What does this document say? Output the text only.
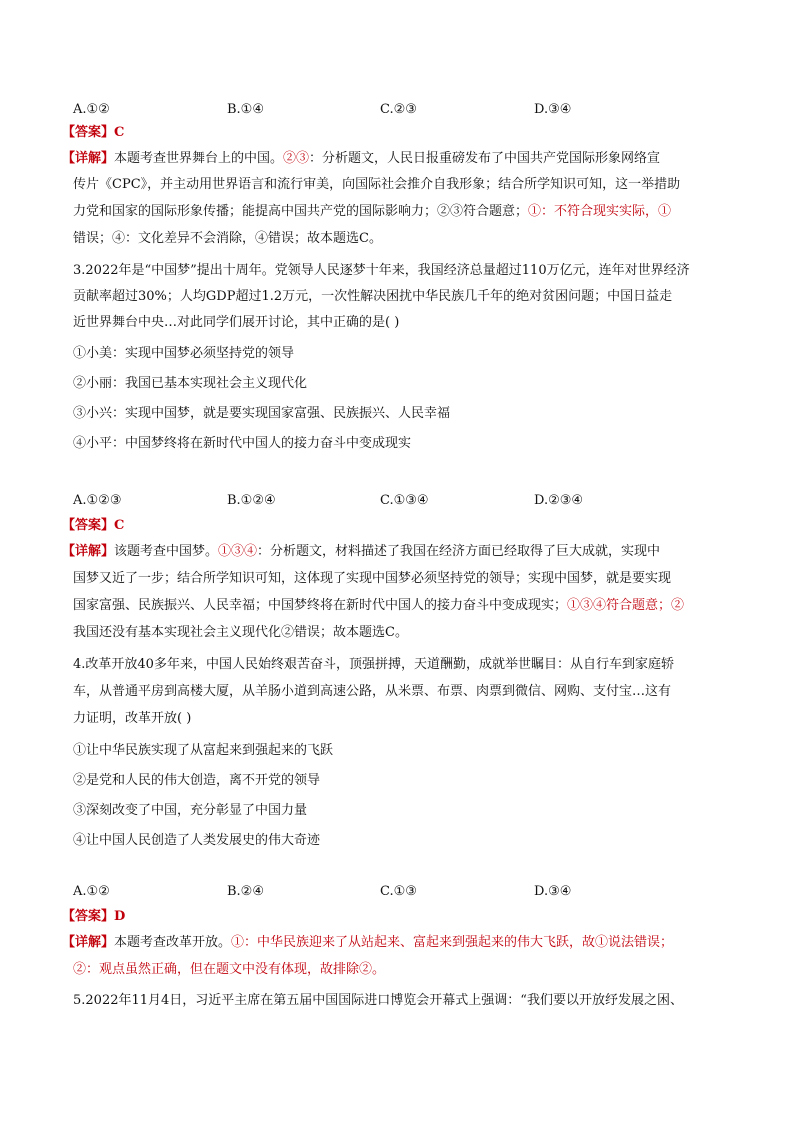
A.①②	B.①④	C.②③	D.③④
【答案】C
【详解】本题考查世界舞台上的中国。②③：分析题文，人民日报重磅发布了中国共产党国际形象网络宣
传片《CPC》，并主动用世界语言和流行审美，向国际社会推介自我形象；结合所学知识可知，这一举措助
力党和国家的国际形象传播；能提高中国共产党的国际影响力；②③符合题意；①：不符合现实实际，①
错误；④：文化差异不会消除，④错误；故本题选C。
3.2022年是“中国梦”提出十周年。党领导人民逐梦十年来，我国经济总量超过110万亿元，连年对世界经济
贡献率超过30%；人均GDP超过1.2万元，一次性解决困扰中华民族几千年的绝对贫困问题；中国日益走
近世界舞台中央…对此同学们展开讨论，其中正确的是( )
①小美：实现中国梦必须坚持党的领导
②小丽：我国已基本实现社会主义现代化
③小兴：实现中国梦，就是要实现国家富强、民族振兴、人民幸福
④小平：中国梦终将在新时代中国人的接力奋斗中变成现实
A.①②③	B.①②④	C.①③④	D.②③④
【答案】C
【详解】该题考查中国梦。①③④：分析题文，材料描述了我国在经济方面已经取得了巨大成就，实现中
国梦又近了一步；结合所学知识可知，这体现了实现中国梦必须坚持党的领导；实现中国梦，就是要实现
国家富强、民族振兴、人民幸福；中国梦终将在新时代中国人的接力奋斗中变成现实；①③④符合题意；②
我国还没有基本实现社会主义现代化②错误；故本题选C。
4.改革开放40多年来，中国人民始终艰苦奋斗，顶强拼搏，天道酬勤，成就举世瞩目：从自行车到家庭轿
车，从普通平房到高楼大厦，从羊肠小道到高速公路，从米票、布票、肉票到微信、网购、支付宝…这有
力证明，改革开放( )
①让中华民族实现了从富起来到强起来的飞跃
②是党和人民的伟大创造，离不开党的领导
③深刻改变了中国，充分彰显了中国力量
④让中国人民创造了人类发展史的伟大奇迹
A.①②	B.②④	C.①③	D.③④
【答案】D
【详解】本题考查改革开放。①：中华民族迎来了从站起来、富起来到强起来的伟大飞跃，故①说法错误；
②：观点虽然正确，但在题文中没有体现，故排除②。
5.2022年11月4日，习近平主席在第五届中国国际进口博览会开幕式上强调：“我们要以开放纾发展之困、
